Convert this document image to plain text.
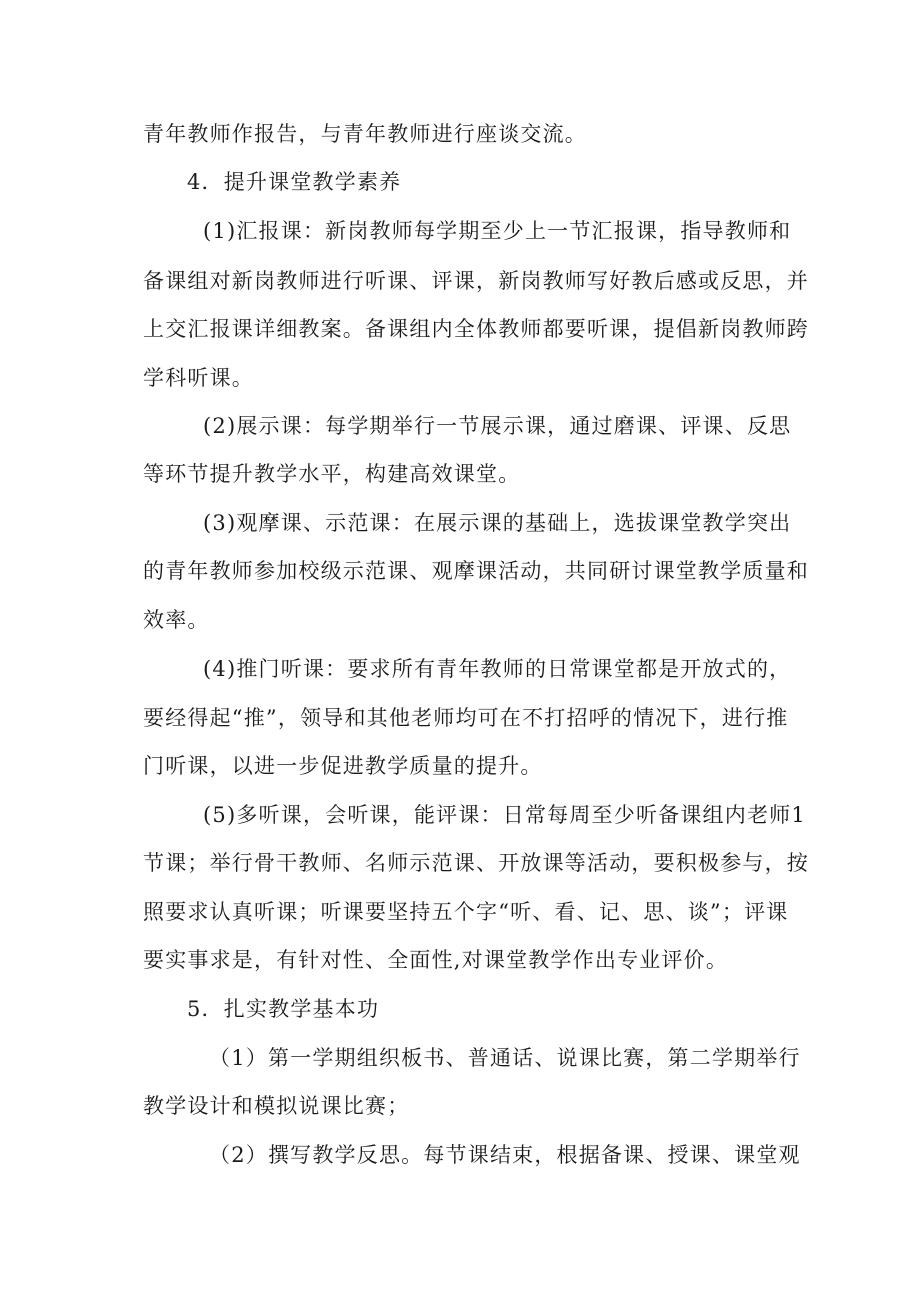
青年教师作报告，与青年教师进行座谈交流。
4．提升课堂教学素养
(1)汇报课：新岗教师每学期至少上一节汇报课，指导教师和
备课组对新岗教师进行听课、评课，新岗教师写好教后感或反思，并
上交汇报课详细教案。备课组内全体教师都要听课，提倡新岗教师跨
学科听课。
(2)展示课：每学期举行一节展示课，通过磨课、评课、反思
等环节提升教学水平，构建高效课堂。
(3)观摩课、示范课：在展示课的基础上，选拔课堂教学突出
的青年教师参加校级示范课、观摩课活动，共同研讨课堂教学质量和
效率。
(4)推门听课：要求所有青年教师的日常课堂都是开放式的，
要经得起“推”，领导和其他老师均可在不打招呼的情况下，进行推
门听课，以进一步促进教学质量的提升。
(5)多听课，会听课，能评课：日常每周至少听备课组内老师1
节课；举行骨干教师、名师示范课、开放课等活动，要积极参与，按
照要求认真听课；听课要坚持五个字“听、看、记、思、谈”；评课
要实事求是，有针对性、全面性,对课堂教学作出专业评价。
5．扎实教学基本功
（1）第一学期组织板书、普通话、说课比赛，第二学期举行
教学设计和模拟说课比赛；
（2）撰写教学反思。每节课结束，根据备课、授课、课堂观
